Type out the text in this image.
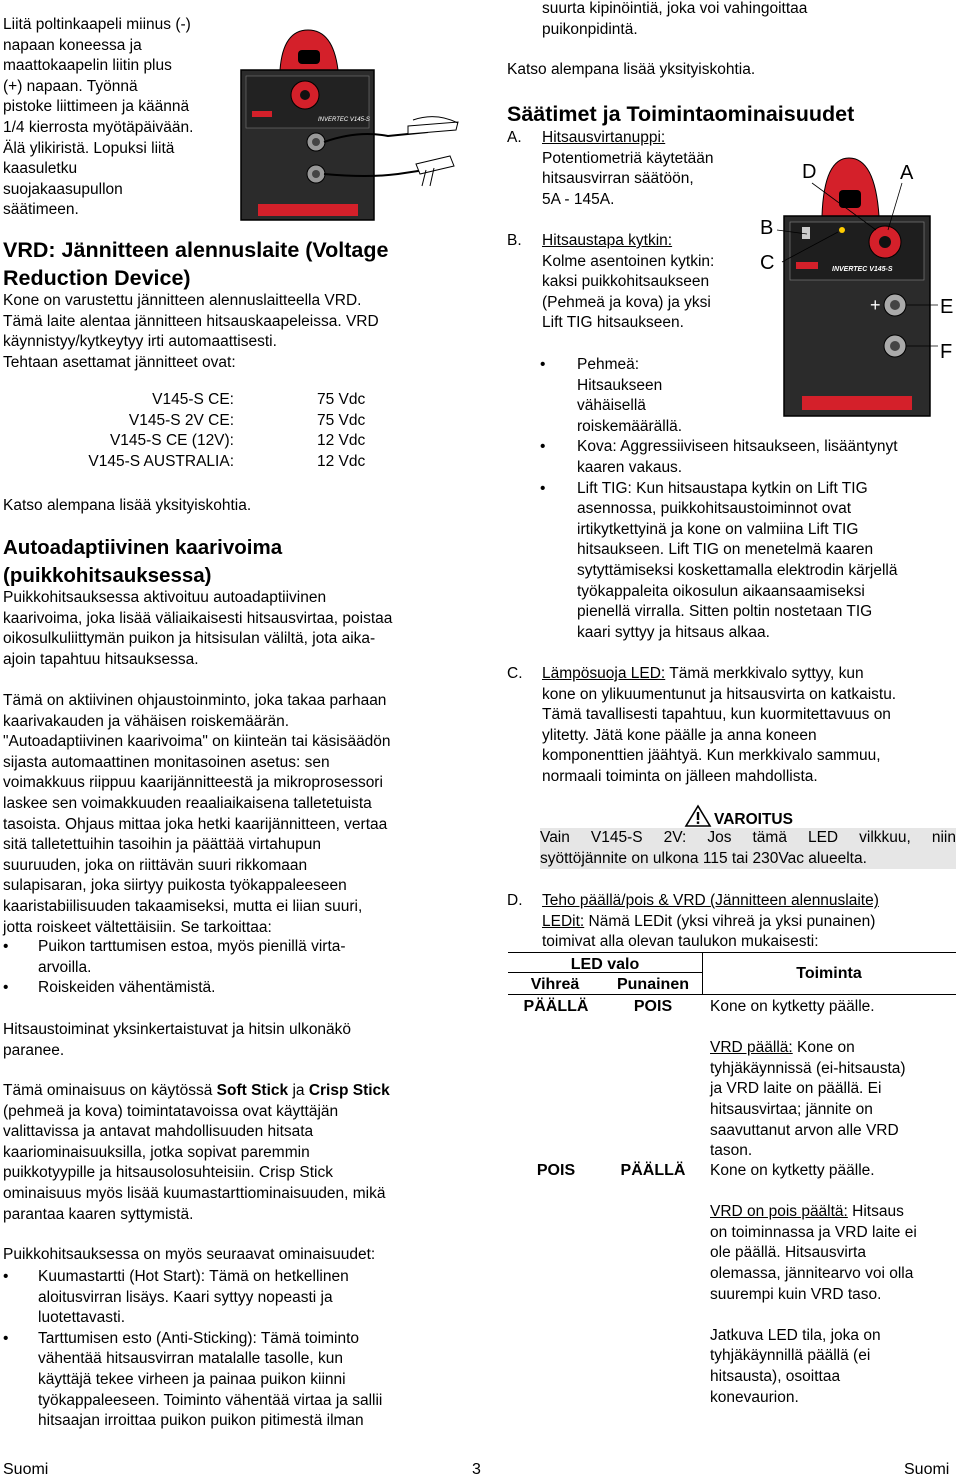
Liitä poltinkaapeli miinus (-)
napaan koneessa ja
maattokaapelin liitin plus
(+) napaan. Työnnä
pistoke liittimeen ja käännä
1/4 kierrosta myötäpäivään.
Älä ylikiristä. Lopuksi liitä
kaasuletku
suojakaasupullon
säätimeen.
INVERTEC V145-S
VRD: Jännitteen alennuslaite (Voltage
Reduction Device)
Kone on varustettu jännitteen alennuslaitteella VRD.
Tämä laite alentaa jännitteen hitsauskaapeleissa. VRD
käynnistyy/kytkeytyy irti automaattisesti.
Tehtaan asettamat jännitteet ovat:
V145-S CE:	75 Vdc
V145-S 2V CE:	75 Vdc
V145-S CE (12V):	12 Vdc
V145-S AUSTRALIA:	12 Vdc
Katso alempana lisää yksityiskohtia.
Autoadaptiivinen kaarivoima
(puikkohitsauksessa)
Puikkohitsauksessa aktivoituu autoadaptiivinen
kaarivoima, joka lisää väliaikaisesti hitsausvirtaa, poistaa
oikosulkuliittymän puikon ja hitsisulan väliltä, jota aika-
ajoin tapahtuu hitsauksessa.
Tämä on aktiivinen ohjaustoinminto, joka takaa parhaan
kaarivakauden ja vähäisen roiskemäärän.
"Autoadaptiivinen kaarivoima" on kiinteän tai käsisäädön
sijasta automaattinen monitasoinen asetus: sen
voimakkuus riippuu kaarijännitteestä ja mikroprosessori
laskee sen voimakkuuden reaaliaikaisena talletetuista
tasoista. Ohjaus mittaa joka hetki kaarijännitteen, vertaa
sitä talletettuihin tasoihin ja päättää virtahupun
suuruuden, joka on riittävän suuri rikkomaan
sulapisaran, joka siirtyy puikosta työkappaleeseen
kaaristabiilisuuden takaamiseksi, mutta ei liian suuri,
jotta roiskeet vältettäisiin. Se tarkoittaa:
• Puikon tarttumisen estoa, myös pienillä virta-
arvoilla.
• Roiskeiden vähentämistä.
Hitsaustoiminat yksinkertaistuvat ja hitsin ulkonäkö
paranee.
Tämä ominaisuus on käytössä Soft Stick ja Crisp Stick
(pehmeä ja kova) toimintatavoissa ovat käyttäjän
valittavissa ja antavat mahdollisuuden hitsata
kaariominaisuuksilla, jotka sopivat paremmin
puikkotyypille ja hitsausolosuhteisiin. Crisp Stick
ominaisuus myös lisää kuumastarttiominaisuuden, mikä
parantaa kaaren syttymistä.
Puikkohitsauksessa on myös seuraavat ominaisuudet:
• Kuumastartti (Hot Start): Tämä on hetkellinen
aloitusvirran lisäys. Kaari syttyy nopeasti ja
luotettavasti.
• Tarttumisen esto (Anti-Sticking): Tämä toiminto
vähentää hitsausvirran matalalle tasolle, kun
käyttäjä tekee virheen ja painaa puikon kiinni
työkappaleeseen. Toiminto vähentää virtaa ja sallii
hitsaajan irroittaa puikon puikon pitimestä ilman
suurta kipinöintiä, joka voi vahingoittaa
puikonpidintä.
Katso alempana lisää yksityiskohtia.
Säätimet ja Toimintaominaisuudet
A. Hitsausvirtanuppi:
Potentiometriä käytetään
hitsausvirran säätöön,
5A - 145A.
B. Hitsaustapa kytkin:
Kolme asentoinen kytkin:
kaksi puikkohitsaukseen
(Pehmeä ja kova) ja yksi
Lift TIG hitsaukseen.
INVERTEC V145-S
+
D	A
B
C
E
F
• Pehmeä:
Hitsaukseen
vähäisellä
roiskemäärällä.
• Kova: Aggressiiviseen hitsaukseen, lisääntynyt
kaaren vakaus.
• Lift TIG: Kun hitsaustapa kytkin on Lift TIG
asennossa, puikkohitsaustoiminnot ovat
irtikytkettyinä ja kone on valmiina Lift TIG
hitsaukseen. Lift TIG on menetelmä kaaren
sytyttämiseksi koskettamalla elektrodin kärjellä
työkappaleita oikosulun aikaansaamiseksi
pienellä virralla. Sitten poltin nostetaan TIG
kaari syttyy ja hitsaus alkaa.
C. Lämpösuoja LED: Tämä merkkivalo syttyy, kun
kone on ylikuumentunut ja hitsausvirta on katkaistu.
Tämä tavallisesti tapahtuu, kun kuormitettavuus on
ylitetty. Jätä kone päälle ja anna koneen
komponenttien jäähtyä. Kun merkkivalo sammuu,
normaali toiminta on jälleen mahdollista.
VAROITUS
Vain V145-S 2V: Jos tämä LED vilkkuu, niin
syöttöjännite on ulkona 115 tai 230Vac alueelta.
D. Teho päällä/pois & VRD (Jännitteen alennuslaite)
LEDit: Nämä LEDit (yksi vihreä ja yksi punainen)
toimivat alla olevan taulukon mukaisesti:
LED valo
Vihreä	Punainen
Toiminta
PÄÄLLÄ	POIS	Kone on kytketty päälle.
VRD päällä: Kone on
tyhjäkäynnissä (ei-hitsausta)
ja VRD laite on päällä. Ei
hitsausvirtaa; jännite on
saavuttanut arvon alle VRD
tason.
POIS	PÄÄLLÄ	Kone on kytketty päälle.
VRD on pois päältä: Hitsaus
on toiminnassa ja VRD laite ei
ole päällä. Hitsausvirta
olemassa, jännitearvo voi olla
suurempi kuin VRD taso.
Jatkuva LED tila, joka on
tyhjäkäynnillä päällä (ei
hitsausta), osoittaa
konevaurion.
Suomi	3	Suomi
